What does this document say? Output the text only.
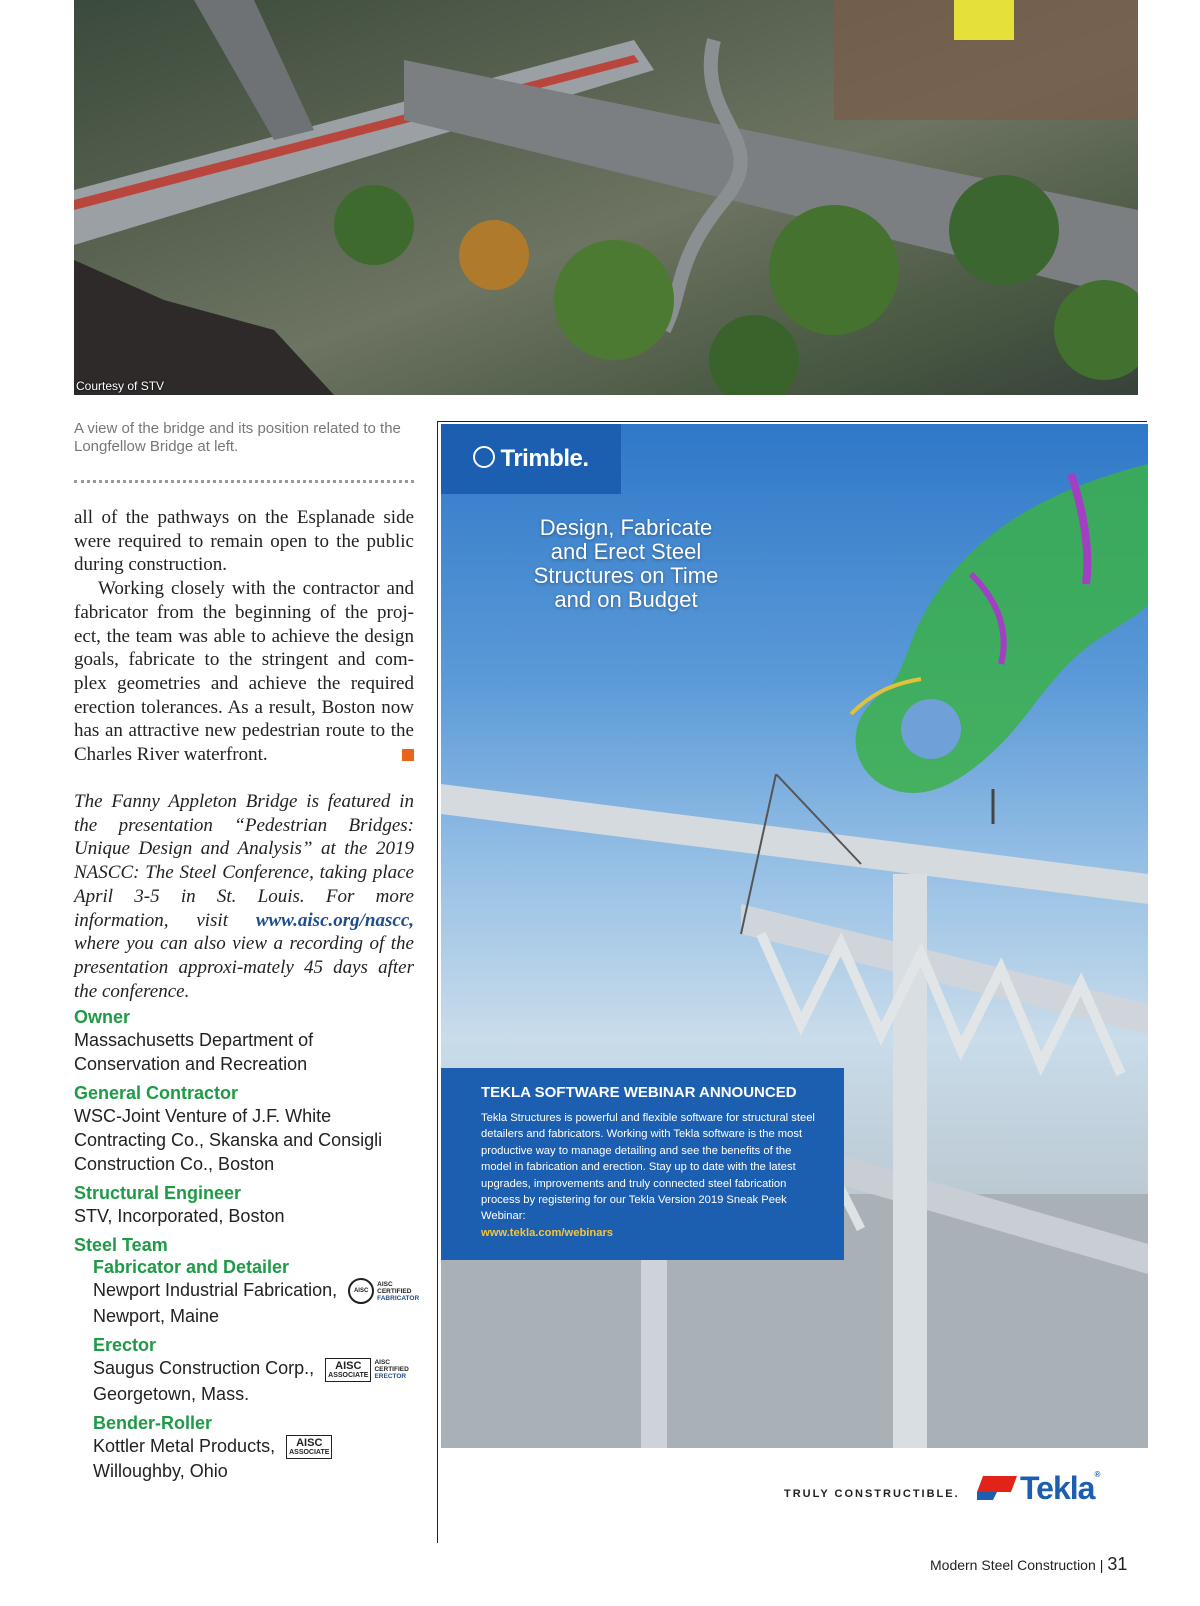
Courtesy of STV
A view of the bridge and its position related to the Longfellow Bridge at left.

all of the pathways on the Esplanade side were required to remain open to the public during construction.

Working closely with the contractor and fabricator from the beginning of the proj-ect, the team was able to achieve the design goals, fabricate to the stringent and com-plex geometries and achieve the required erection tolerances. As a result, Boston now has an attractive new pedestrian route to the Charles River waterfront.

The Fanny Appleton Bridge is featured in the presentation “Pedestrian Bridges: Unique Design and Analysis” at the 2019 NASCC: The Steel Conference, taking place April 3-5 in St. Louis. For more information, visit www.aisc.org/nascc, where you can also view a recording of the presentation approxi-mately 45 days after the conference.
Owner
Massachusetts Department of
Conservation and Recreation
General Contractor
WSC-Joint Venture of J.F. White
Contracting Co., Skanska and Consigli
Construction Co., Boston
Structural Engineer
STV, Incorporated, Boston
Steel Team
Fabricator and Detailer
Newport Industrial Fabrication,	AISC
AISC
CERTIFIED
FABRICATOR
Newport, Maine
Erector
Saugus Construction Corp.,	AISC
ASSOCIATE
AISC
CERTIFIED
ERECTOR
Georgetown, Mass.
Bender-Roller
Kottler Metal Products,	AISC
ASSOCIATE
Willoughby, Ohio
Trimble.
Design, Fabricate
and Erect Steel
Structures on Time
and on Budget
TEKLA SOFTWARE WEBINAR ANNOUNCED
Tekla Structures is powerful and flexible software for structural steel detailers and fabricators. Working with Tekla software is the most productive way to manage detailing and see the benefits of the model in fabrication and erection. Stay up to date with the latest upgrades, improvements and truly connected steel fabrication process by registering for our Tekla Version 2019 Sneak Peek Webinar:
www.tekla.com/webinars
TRULY CONSTRUCTIBLE. Tekla®
Modern Steel Construction | 31
